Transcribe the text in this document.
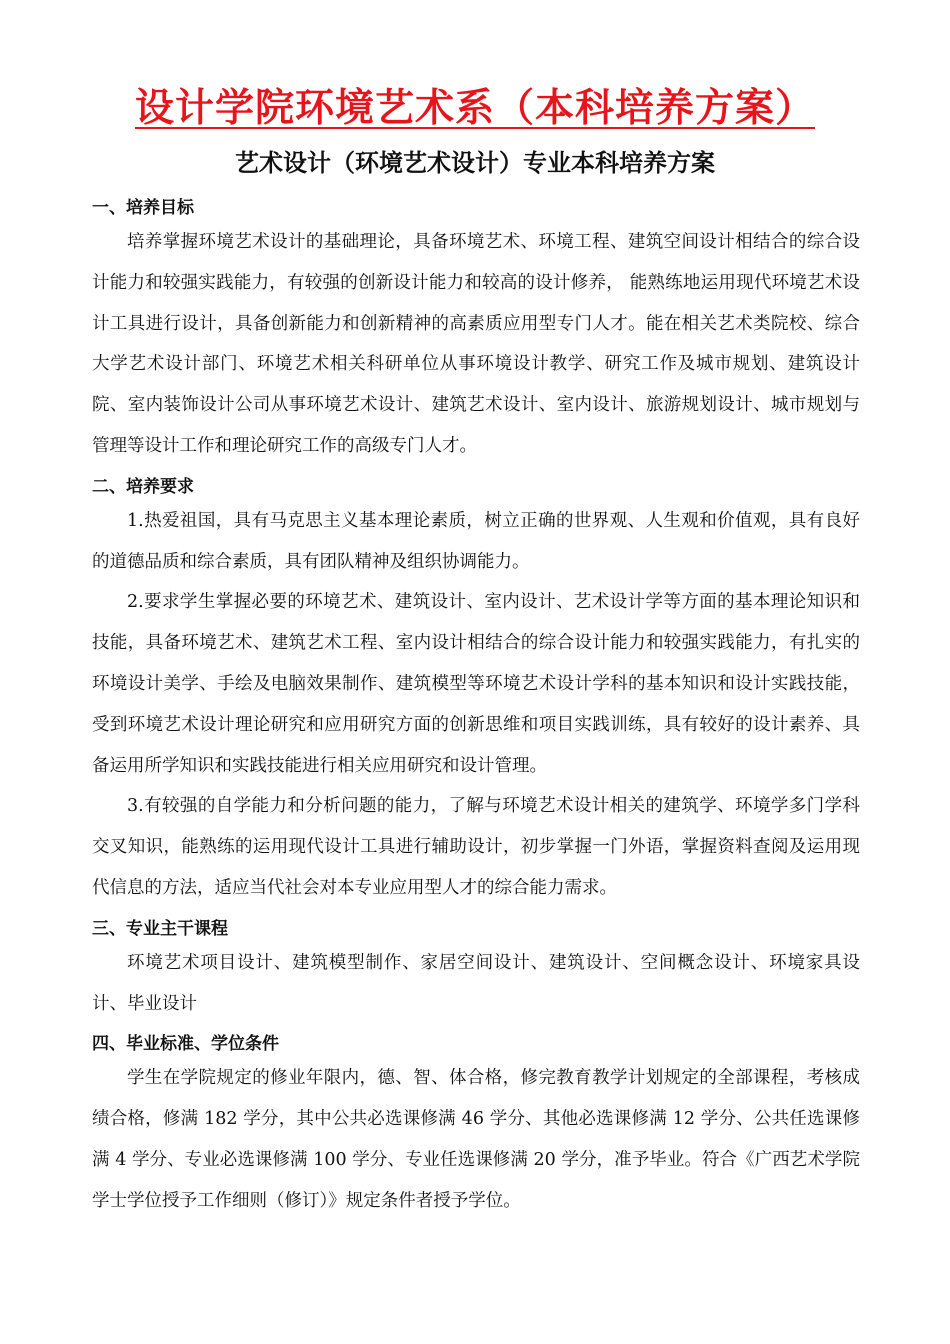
设计学院环境艺术系（本科培养方案）
艺术设计（环境艺术设计）专业本科培养方案
一、培养目标

培养掌握环境艺术设计的基础理论，具备环境艺术、环境工程、建筑空间设计相结合的综合设计能力和较强实践能力，有较强的创新设计能力和较高的设计修养， 能熟练地运用现代环境艺术设计工具进行设计，具备创新能力和创新精神的高素质应用型专门人才。能在相关艺术类院校、综合大学艺术设计部门、环境艺术相关科研单位从事环境设计教学、研究工作及城市规划、建筑设计院、室内装饰设计公司从事环境艺术设计、建筑艺术设计、室内设计、旅游规划设计、城市规划与管理等设计工作和理论研究工作的高级专门人才。

二、培养要求

1.热爱祖国，具有马克思主义基本理论素质，树立正确的世界观、人生观和价值观，具有良好的道德品质和综合素质，具有团队精神及组织协调能力。

2.要求学生掌握必要的环境艺术、建筑设计、室内设计、艺术设计学等方面的基本理论知识和技能，具备环境艺术、建筑艺术工程、室内设计相结合的综合设计能力和较强实践能力，有扎实的环境设计美学、手绘及电脑效果制作、建筑模型等环境艺术设计学科的基本知识和设计实践技能，受到环境艺术设计理论研究和应用研究方面的创新思维和项目实践训练，具有较好的设计素养、具备运用所学知识和实践技能进行相关应用研究和设计管理。

3.有较强的自学能力和分析问题的能力，了解与环境艺术设计相关的建筑学、环境学多门学科交叉知识，能熟练的运用现代设计工具进行辅助设计，初步掌握一门外语，掌握资料查阅及运用现代信息的方法，适应当代社会对本专业应用型人才的综合能力需求。

三、专业主干课程

环境艺术项目设计、建筑模型制作、家居空间设计、建筑设计、空间概念设计、环境家具设计、毕业设计

四、毕业标准、学位条件

学生在学院规定的修业年限内，德、智、体合格，修完教育教学计划规定的全部课程，考核成绩合格，修满 182 学分，其中公共必选课修满 46 学分、其他必选课修满 12 学分、公共任选课修满 4 学分、专业必选课修满 100 学分、专业任选课修满 20 学分，准予毕业。符合《广西艺术学院学士学位授予工作细则（修订）》规定条件者授予学位。
